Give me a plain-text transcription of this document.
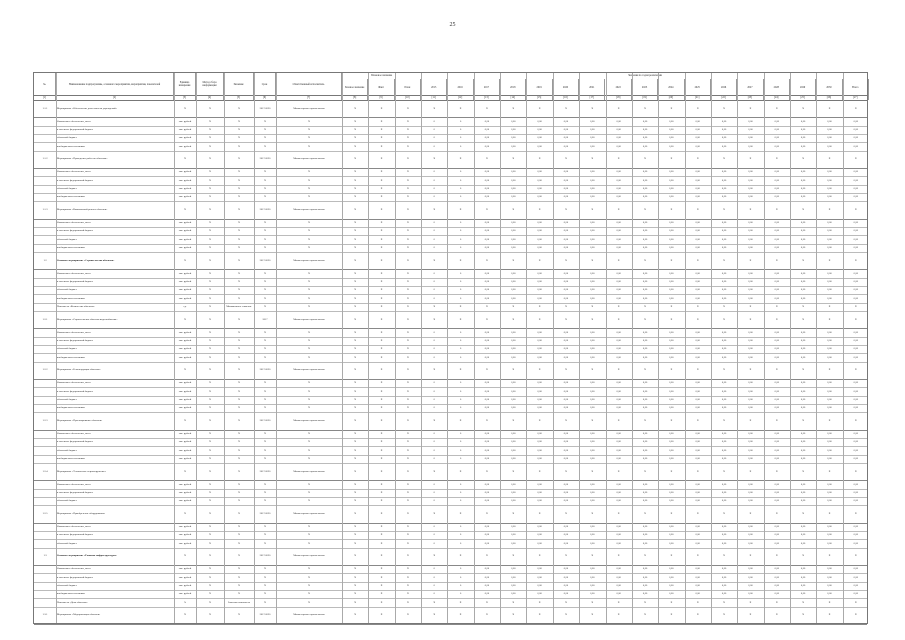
25
№	Наименование подпрограммы, основного мероприятия, мероприятия, показателей	Единица измерения
Метод сбора информации	Значение	Срок	Ответственный исполнитель
Плановое значение
Базовое значение	Факт	План
Значения по годам реализации
2015	2016	2017	2018	2019	2020	2021	2022	2023	2024	2025	2026	2027	2028	2029	2030	Всего
[1]	[2]	[3]	[4]	[5]	[6]	[7]	[8]	[9]	[10]	[11]	[12]	[13]	[14]	[15]	[16]	[17]	[18]	[19]	[20]	[21]	[22]	[23]	[24]	[25]	[26]	[27]
1.1.1	Мероприятие «Обеспечение деятельности учреждений»	X	X	X	2017-2020	Министерство строительства	X	X	X	X	X	X	X	X	X	X	X	X	X	X	X	X	X	X	X	X
Финансовое обеспечение, всего	тыс. рублей	X	X	X	X	X	X	X	0	0	0,00	0,00	0,00	0,00	0,00	0,00	0,00	0,00	0,00	0,00	0,00	0,00	0,00	0,00	0,00
в том числе федеральный бюджет	тыс. рублей	X	X	X	X	X	X	X	0	0	0,00	0,00	0,00	0,00	0,00	0,00	0,00	0,00	0,00	0,00	0,00	0,00	0,00	0,00	0,00
областной бюджет	тыс. рублей	X	X	X	X	X	X	X	0	0	0,00	0,00	0,00	0,00	0,00	0,00	0,00	0,00	0,00	0,00	0,00	0,00	0,00	0,00	0,00
внебюджетные источники	тыс. рублей	X	X	X	X	X	X	X	0	0	0,00	0,00	0,00	0,00	0,00	0,00	0,00	0,00	0,00	0,00	0,00	0,00	0,00	0,00	0,00
1.1.2	Мероприятие «Проведение работ по объектам»	X	X	X	2017-2020	Министерство строительства	X	X	X	X	X	X	X	X	X	X	X	X	X	X	X	X	X	X	X	X
Финансовое обеспечение, всего	тыс. рублей	X	X	X	X	X	X	X	0	0	0,00	0,00	0,00	0,00	0,00	0,00	0,00	0,00	0,00	0,00	0,00	0,00	0,00	0,00	0,00
в том числе федеральный бюджет	тыс. рублей	X	X	X	X	X	X	X	0	0	0,00	0,00	0,00	0,00	0,00	0,00	0,00	0,00	0,00	0,00	0,00	0,00	0,00	0,00	0,00
областной бюджет	тыс. рублей	X	X	X	X	X	X	X	0	0	0,00	0,00	0,00	0,00	0,00	0,00	0,00	0,00	0,00	0,00	0,00	0,00	0,00	0,00	0,00
внебюджетные источники	тыс. рублей	X	X	X	X	X	X	X	0	0	0,00	0,00	0,00	0,00	0,00	0,00	0,00	0,00	0,00	0,00	0,00	0,00	0,00	0,00	0,00
1.1.3	Мероприятие «Капитальный ремонт объектов»	X	X	X	2017-2020	Министерство строительства	X	X	X	X	X	X	X	X	X	X	X	X	X	X	X	X	X	X	X	X
Финансовое обеспечение, всего	тыс. рублей	X	X	X	X	X	X	X	0	0	0,00	0,00	0,00	0,00	0,00	0,00	0,00	0,00	0,00	0,00	0,00	0,00	0,00	0,00	0,00
в том числе федеральный бюджет	тыс. рублей	X	X	X	X	X	X	X	0	0	0,00	0,00	0,00	0,00	0,00	0,00	0,00	0,00	0,00	0,00	0,00	0,00	0,00	0,00	0,00
областной бюджет	тыс. рублей	X	X	X	X	X	X	X	0	0	0,00	0,00	0,00	0,00	0,00	0,00	0,00	0,00	0,00	0,00	0,00	0,00	0,00	0,00	0,00
внебюджетные источники	тыс. рублей	X	X	X	X	X	X	X	0	0	0,00	0,00	0,00	0,00	0,00	0,00	0,00	0,00	0,00	0,00	0,00	0,00	0,00	0,00	0,00
1.2	Основное мероприятие «Строительство объектов»	X	X	X	2017-2020	Министерство строительства	X	X	X	X	X	X	X	X	X	X	X	X	X	X	X	X	X	X	X	X
Финансовое обеспечение, всего	тыс. рублей	X	X	X	X	X	X	X	0	0	0,00	0,00	0,00	0,00	0,00	0,00	0,00	0,00	0,00	0,00	0,00	0,00	0,00	0,00	0,00
в том числе федеральный бюджет	тыс. рублей	X	X	X	X	X	X	X	0	0	0,00	0,00	0,00	0,00	0,00	0,00	0,00	0,00	0,00	0,00	0,00	0,00	0,00	0,00	0,00
областной бюджет	тыс. рублей	X	X	X	X	X	X	X	0	0	0,00	0,00	0,00	0,00	0,00	0,00	0,00	0,00	0,00	0,00	0,00	0,00	0,00	0,00	0,00
внебюджетные источники	тыс. рублей	X	X	X	X	X	X	X	0	0	0,00	0,00	0,00	0,00	0,00	0,00	0,00	0,00	0,00	0,00	0,00	0,00	0,00	0,00	0,00
Показатель «Количество объектов»	ед.	X	Минимальное значение	X	X	X	X	X	X	X	X	X	X	X	X	X	X	X	X	X	X	X	X	X	X
1.2.1	Мероприятие «Строительство объектов водоснабжения»	X	X	X	2017	Министерство строительства	X	X	X	X	X	X	X	X	X	X	X	X	X	X	X	X	X	X	X	X
Финансовое обеспечение, всего	тыс. рублей	X	X	X	X	X	X	X	0	0	0,00	0,00	0,00	0,00	0,00	0,00	0,00	0,00	0,00	0,00	0,00	0,00	0,00	0,00	0,00
в том числе федеральный бюджет	тыс. рублей	X	X	X	X	X	X	X	0	0	0,00	0,00	0,00	0,00	0,00	0,00	0,00	0,00	0,00	0,00	0,00	0,00	0,00	0,00	0,00
областной бюджет	тыс. рублей	X	X	X	X	X	X	X	0	0	0,00	0,00	0,00	0,00	0,00	0,00	0,00	0,00	0,00	0,00	0,00	0,00	0,00	0,00	0,00
внебюджетные источники	тыс. рублей	X	X	X	X	X	X	X	0	0	0,00	0,00	0,00	0,00	0,00	0,00	0,00	0,00	0,00	0,00	0,00	0,00	0,00	0,00	0,00
1.2.2	Мероприятие «Реконструкция объектов»	X	X	X	2017-2020	Министерство строительства	X	X	X	X	X	X	X	X	X	X	X	X	X	X	X	X	X	X	X	X
Финансовое обеспечение, всего	тыс. рублей	X	X	X	X	X	X	X	0	0	0,00	0,00	0,00	0,00	0,00	0,00	0,00	0,00	0,00	0,00	0,00	0,00	0,00	0,00	0,00
в том числе федеральный бюджет	тыс. рублей	X	X	X	X	X	X	X	0	0	0,00	0,00	0,00	0,00	0,00	0,00	0,00	0,00	0,00	0,00	0,00	0,00	0,00	0,00	0,00
областной бюджет	тыс. рублей	X	X	X	X	X	X	X	0	0	0,00	0,00	0,00	0,00	0,00	0,00	0,00	0,00	0,00	0,00	0,00	0,00	0,00	0,00	0,00
внебюджетные источники	тыс. рублей	X	X	X	X	X	X	X	0	0	0,00	0,00	0,00	0,00	0,00	0,00	0,00	0,00	0,00	0,00	0,00	0,00	0,00	0,00	0,00
1.2.3	Мероприятие «Проектирование объектов»	X	X	X	2017-2020	Министерство строительства	X	X	X	X	X	X	X	X	X	X	X	X	X	X	X	X	X	X	X	X
Финансовое обеспечение, всего	тыс. рублей	X	X	X	X	X	X	X	0	0	0,00	0,00	0,00	0,00	0,00	0,00	0,00	0,00	0,00	0,00	0,00	0,00	0,00	0,00	0,00
в том числе федеральный бюджет	тыс. рублей	X	X	X	X	X	X	X	0	0	0,00	0,00	0,00	0,00	0,00	0,00	0,00	0,00	0,00	0,00	0,00	0,00	0,00	0,00	0,00
областной бюджет	тыс. рублей	X	X	X	X	X	X	X	0	0	0,00	0,00	0,00	0,00	0,00	0,00	0,00	0,00	0,00	0,00	0,00	0,00	0,00	0,00	0,00
внебюджетные источники	тыс. рублей	X	X	X	X	X	X	X	0	0	0,00	0,00	0,00	0,00	0,00	0,00	0,00	0,00	0,00	0,00	0,00	0,00	0,00	0,00	0,00
1.2.4	Мероприятие «Техническое перевооружение»	X	X	X	2017-2020	Министерство строительства	X	X	X	X	X	X	X	X	X	X	X	X	X	X	X	X	X	X	X	X
Финансовое обеспечение, всего	тыс. рублей	X	X	X	X	X	X	X	0	0	0,00	0,00	0,00	0,00	0,00	0,00	0,00	0,00	0,00	0,00	0,00	0,00	0,00	0,00	0,00
в том числе федеральный бюджет	тыс. рублей	X	X	X	X	X	X	X	0	0	0,00	0,00	0,00	0,00	0,00	0,00	0,00	0,00	0,00	0,00	0,00	0,00	0,00	0,00	0,00
областной бюджет	тыс. рублей	X	X	X	X	X	X	X	0	0	0,00	0,00	0,00	0,00	0,00	0,00	0,00	0,00	0,00	0,00	0,00	0,00	0,00	0,00	0,00
1.2.5	Мероприятие «Приобретение оборудования»	X	X	X	2017-2020	Министерство строительства	X	X	X	X	X	X	X	X	X	X	X	X	X	X	X	X	X	X	X	X
Финансовое обеспечение, всего	тыс. рублей	X	X	X	X	X	X	X	0	0	0,00	0,00	0,00	0,00	0,00	0,00	0,00	0,00	0,00	0,00	0,00	0,00	0,00	0,00	0,00
в том числе федеральный бюджет	тыс. рублей	X	X	X	X	X	X	X	0	0	0,00	0,00	0,00	0,00	0,00	0,00	0,00	0,00	0,00	0,00	0,00	0,00	0,00	0,00	0,00
областной бюджет	тыс. рублей	X	X	X	X	X	X	X	0	0	0,00	0,00	0,00	0,00	0,00	0,00	0,00	0,00	0,00	0,00	0,00	0,00	0,00	0,00	0,00
1.3	Основное мероприятие «Развитие инфраструктуры»	X	X	X	2017-2020	Министерство строительства	X	X	X	X	X	X	X	X	X	X	X	X	X	X	X	X	X	X	X	X
Финансовое обеспечение, всего	тыс. рублей	X	X	X	X	X	X	X	0	0	0,00	0,00	0,00	0,00	0,00	0,00	0,00	0,00	0,00	0,00	0,00	0,00	0,00	0,00	0,00
в том числе федеральный бюджет	тыс. рублей	X	X	X	X	X	X	X	0	0	0,00	0,00	0,00	0,00	0,00	0,00	0,00	0,00	0,00	0,00	0,00	0,00	0,00	0,00	0,00
областной бюджет	тыс. рублей	X	X	X	X	X	X	X	0	0	0,00	0,00	0,00	0,00	0,00	0,00	0,00	0,00	0,00	0,00	0,00	0,00	0,00	0,00	0,00
внебюджетные источники	тыс. рублей	X	X	X	X	X	X	X	0	0	0,00	0,00	0,00	0,00	0,00	0,00	0,00	0,00	0,00	0,00	0,00	0,00	0,00	0,00	0,00
Показатель «Доля объектов»	%	X	Значение показателя	X	X	X	X	X	X	X	X	X	X	X	X	X	X	X	X	X	X	X	X	X	X
1.3.1	Мероприятие «Модернизация объектов»	X	X	X	2017-2020	Министерство строительства	X	X	X	X	X	X	X	X	X	X	X	X	X	X	X	X	X	X	X	X
